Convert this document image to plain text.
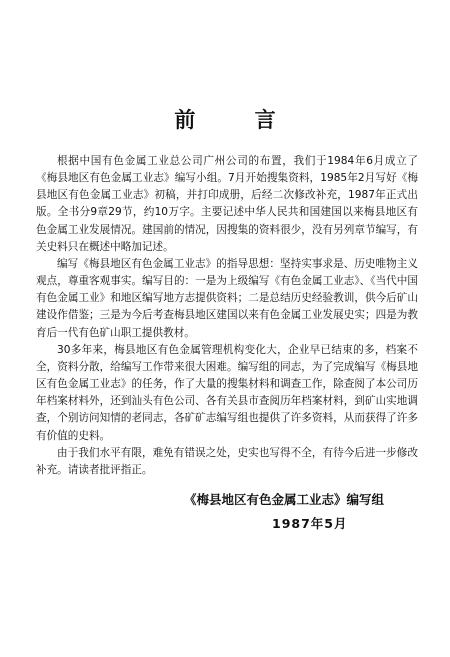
前 言

根据中国有色金属工业总公司广州公司的布置，我们于1984年6月成立了《梅县地区有色金属工业志》编写小组。7月开始搜集资料，1985年2月写好《梅县地区有色金属工业志》初稿，并打印成册，后经二次修改补充，1987年正式出版。全书分9章29节，约10万字。主要记述中华人民共和国建国以来梅县地区有色金属工业发展情况。建国前的情况，因搜集的资料很少，没有另列章节编写，有关史料只在概述中略加记述。

编写《梅县地区有色金属工业志》的指导思想：坚持实事求是、历史唯物主义观点，尊重客观事实。编写目的：一是为上级编写《有色金属工业志》、《当代中国有色金属工业》和地区编写地方志提供资料；二是总结历史经验教训，供今后矿山建设作借鉴；三是为今后考查梅县地区建国以来有色金属工业发展史实；四是为教育后一代有色矿山职工提供教材。

30多年来，梅县地区有色金属管理机构变化大，企业早已结束的多，档案不全，资料分散，给编写工作带来很大困难。编写组的同志，为了完成编写《梅县地区有色金属工业志》的任务，作了大量的搜集材料和调查工作，除查阅了本公司历年档案材料外，还到汕头有色公司、各有关县市查阅历年档案材料，到矿山实地调查，个别访问知情的老同志，各矿矿志编写组也提供了许多资料，从而获得了许多有价值的史料。

由于我们水平有限，难免有错误之处，史实也写得不全，有待今后进一步修改补充。请读者批评指正。

《梅县地区有色金属工业志》编写组
1987年5月
